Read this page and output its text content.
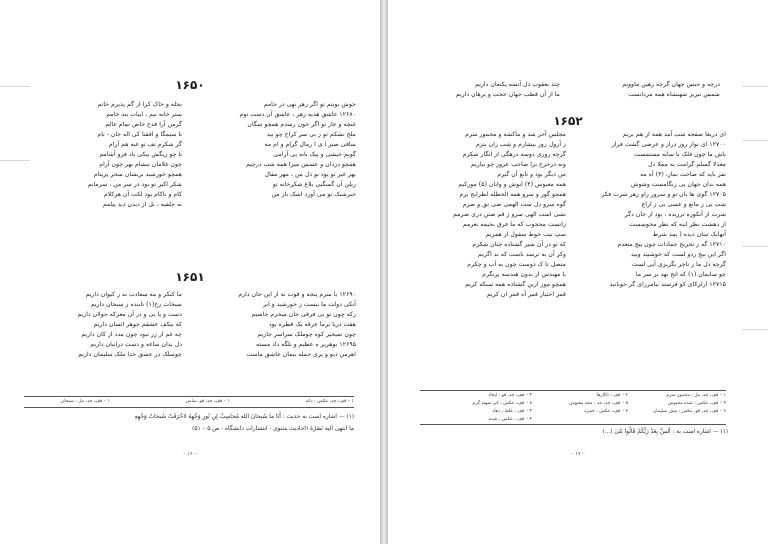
۱۶۵۰
خوش نوبتم تو اگر زهر نهی در جامم
۱۲۶۸۰ عاشق هدیه زهر ، عاشق آن دست توم
غنچه و عار تو اگر خون رسدم همچو سگان
ملخ تشکم تو ز بی سر کراخ چو بید
ساقی صبر ا ی ا رمال گرام و ام مه
گویم خیشی و پیک بانه پی آرامی
همچو دزدان و عسس میرا همه شب درچیم
بهر غیر تو بود نو ذل من ، مهر مقال
ریلن آن گمنگیی بلاغ شکرخانه تو
خیرشنک تو می آورد اشک باز من
بجله و خاک کرا از گم پذیرم خاتم
ستر خانه نیم ، ابیات بند خامم
گرمن آرا قدح خاص تمام عالم
تا سیمگا و افقنا کی اله جان - نام
گر شکرم تف تو غیه هم آرام
تا چو ریگش بیکی باد فرو آشامم
چون غلامان تیشام بهر چون آرام
همچو خورشید بریشان سحر پرینام
شکر اکیر تو بود در سر من ، سرمانم
کام و ناکام بود لکت آن هرکلام
نه چلفیه ، بل از دیدن دید پیامم
۱۶۵۱
۱۲۶۹۰ با سرم پنجه و قوت نه از این جان دارم
آنکی دولت ما نیست ز خورشید و ابر
رکه چون تو بی فرقی جان میخرم حاصیم
هفت دریا برما عرقه یک قطره بود
چون نمیخیر کوه چوملک سراسر جاریم
۱۲۶۹۵ بوهریر ه عظیم و بلگه داد مسته
اهرمن دیو و پری جمله بیمان عاشق ماست
ما کنکر و مه سعادت نه ز کیوان داریم
سیخات رخ(۱) تابنده ز سبحان داریم
دست و پا بی و در آن معرکه جولان داریم
که بیکف عشقم جوهر انسان داریم
چه غم از زر نبود چون مدد از کان داریم
دل بدان ساغه و دست درانبان داریم
چوسلک در عشق خدا ملک سلیمان داریم
۱ – قف، چد، عکس : داند
۱ – قف، چد، قو، ساس
۱ – قف، چد، مل : سبحان
(۱) — اشاره است به حدیث : أَنَا ما سُبحانَ الله مُحاسِبٌ لِنِ نُورِ وَجْهِهُ لاحْرَقَتْ سُبحاتُ وَجْهِهِ
ما انتهی الیه بَصَرُهُ (احادیث مثنوی - انتشارات دانشگاه - ص ۵ – ۵۱)
– ۱۶ –
درچه و حبس جهان گرچه رهین ماوویم
شمس تبریز شهنشاه همه مردانست
چند یعقوب دل آتشه پکنعان داریم
ما از آن قطب جهان حجت و برهان داریم
۱۶۵۲
ای دریغا صفحه شب آمد همه از هم بریم
۱۲۷۰۰ ای نواز روز دراز و عرضی گشت فراز
باش ما چون فلک نا سایه مستمست
معذلا گسلم گرامت به مملا دل
نفر باید که صاحت نماز، (۳) آه مه
همه ندان جهان پی زنگامست وشوش
۱۲۷۰۵ گوی ها بان تو و سرور زاو زهر شرت فکر
شب بی ز مانع و عسی بی ز اراغ
شرت از آنکوره ترریده ، بود از جان دگر
از دهشت نظر اینه که نظر محوسست
آنهایک تیتان دیده ( بمد شرط
۱۲۷۱۰ گه ز تحریح جمادات چون پیچ متعدم
اگر این بیج زدو لست که خوشبید وبید
گرچه دل ما ز ناچر بگریزی آپی لست
چو سایمان (۱) که انج نهد بر سر ما
۱۲۷۱۵ ازلزکای کو فرستد بیامرزای گر خوبانید
مجلس آخر شد و ماکشه و مخمور سرم
ز آزول روز بیشارم و شب زان بنزم
گرچه زوزی دوسه درهگی از انگار شکرم
ونه درخرج بزا صاحب عرور چو بیاریم
من ذبگر بود و نابع آن گیرم
همه معبوس (۴) ابوش و وابان (۵) مورکیم
همچو گوز و سرو همه الحظله لطرابج برم
گوه سرو دل ست الهمی ضی نق و ضرم
تشی است الهی سرو ز قم ضتن دری ضرمم
زانست محجوب که ما غرق بخیمه نغرمم
سپ نیت خوط سفول از همریم
که تو در آن شیر گشتاده چنان شکرم
وکر آن به ترسد ناست که بد اگربم
متصل تا ک دوست چون به آب و چکرم
با مهندس از بدون هندسه پرنگرم
همچو مور ازین گشتاده همه سبکه کریم
قمر اختیار قمر آه قمر ان کریم
۱ – قف، چد، مل : مخمور سرم
۲ – قف : تاکارها
۳ – فف، چد، قو : ایجاد
۴ – قف، عکس : شده محبوس
۵ – قف، چد، عد : مجه معبوس
۸ – قف، عکس : کی سهتد گرم
۶ – قف، چد، قو، عکس : بیش سلیمان
۷ – قف، عکس : خمره
۳ – قف ، غلط ، دهاد
۴ – قف ، عکس ، شده
(۱) — اشاره است به : اَلسَّ بِعَدْ رَبَّکُمْ قَالُوا بَلیٰ (...)
– ۱۷ –
